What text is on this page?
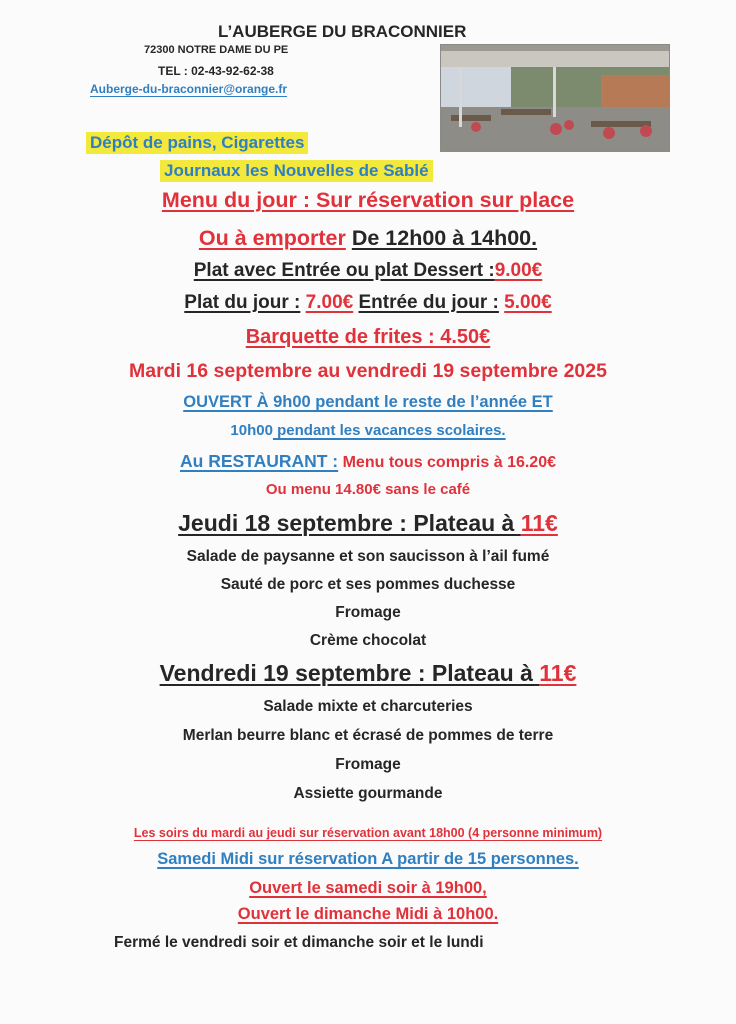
L’AUBERGE DU BRACONNIER
72300 NOTRE DAME DU PE
TEL : 02-43-92-62-38
Auberge-du-braconnier@orange.fr
Dépôt de pains, Cigarettes
Journaux les Nouvelles de Sablé
Menu du jour : Sur réservation sur place
Ou à emporter De 12h00 à 14h00.
Plat avec Entrée ou plat Dessert :9.00€
Plat du jour : 7.00€ Entrée du jour : 5.00€
Barquette de frites : 4.50€
Mardi 16 septembre au vendredi 19 septembre 2025
OUVERT À 9h00 pendant le reste de l’année ET
10h00 pendant les vacances scolaires.
Au RESTAURANT : Menu tous compris à 16.20€
Ou menu 14.80€ sans le café
Jeudi 18 septembre : Plateau à 11€
Salade de paysanne et son saucisson à l’ail fumé
Sauté de porc et ses pommes duchesse
Fromage
Crème chocolat
Vendredi 19 septembre : Plateau à 11€
Salade mixte et charcuteries
Merlan beurre blanc et écrasé de pommes de terre
Fromage
Assiette gourmande
Les soirs du mardi au jeudi sur réservation avant 18h00 (4 personne minimum)
Samedi Midi sur réservation A partir de 15 personnes.
Ouvert le samedi soir à 19h00,
Ouvert le dimanche Midi à 10h00.
Fermé le vendredi soir et dimanche soir et le lundi
